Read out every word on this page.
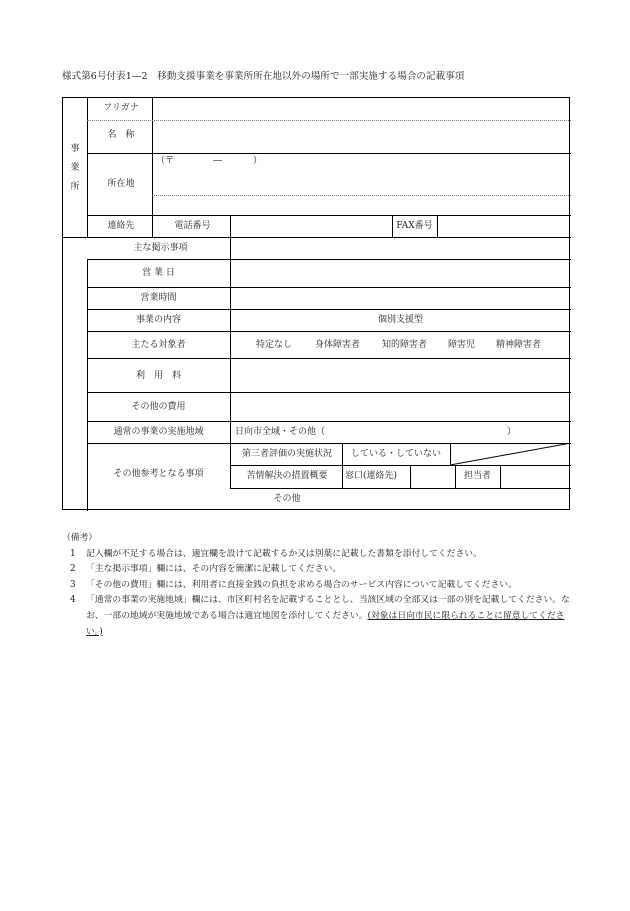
様式第6号付表1―2　移動支援事業を事業所所在地以外の場所で一部実施する場合の記載事項
事
業
所
フリガナ
名　称
（〒	―	）
所在地
連絡先	電話番号	FAX番号
主な掲示事項
営 業 日
営業時間
事業の内容	個別支援型
主たる対象者	特定なし	身体障害者 知的障害者 障害児 精神障害者
利　用　料
その他の費用
通常の事業の実施地域	日向市全域・その他（	）
その他参考となる事項
第三者評価の実施状況	している・していない
苦情解決の措置概要	窓口(連絡先)	担当者
その他
（備考）
1 記入欄が不足する場合は、適宜欄を設けて記載するか又は別葉に記載した書類を添付してください。
2 「主な掲示事項」欄には、その内容を簡潔に記載してください。
3 「その他の費用」欄には、利用者に直接金銭の負担を求める場合のサービス内容について記載してください。
4 「通常の事業の実施地域」欄には、市区町村名を記載することとし、当該区域の全部又は一部の別を記載してください。なお、一部の地域が実施地域である場合は適宜地図を添付してください。(対象は日向市民に限られることに留意してください。)
